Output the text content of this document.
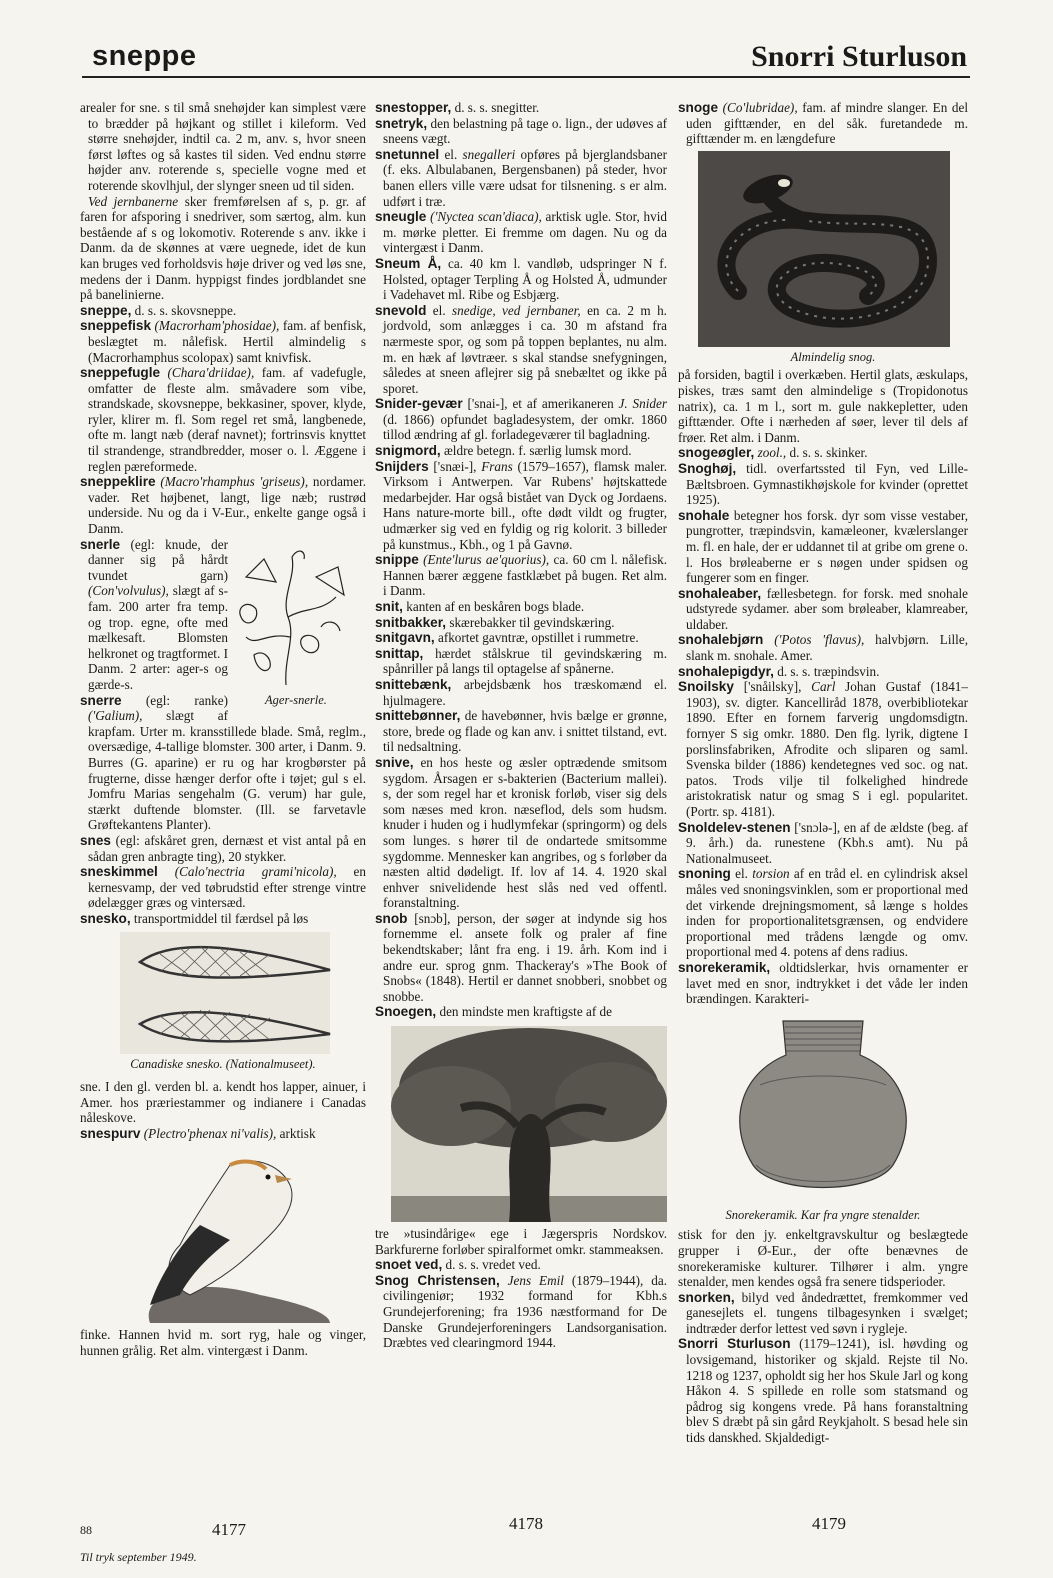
sneppe	Snorri Sturluson
arealer for sne. s til små snehøjder kan simplest være to brædder på højkant og stillet i kileform. Ved større snehøjder, indtil ca. 2 m, anv. s, hvor sneen først løftes og så kastes til siden. Ved endnu større højder anv. roterende s, specielle vogne med et roterende skovlhjul, der slynger sneen ud til siden.
Ved jernbanerne sker fremførelsen af s, p. gr. af faren for afsporing i snedriver, som særtog, alm. kun bestående af s og lokomotiv. Roterende s anv. ikke i Danm. da de skønnes at være uegnede, idet de kun kan bruges ved forholdsvis høje driver og ved løs sne, medens der i Danm. hyppigst findes jordblandet sne på banelinierne.
sneppe, d. s. s. skovsneppe.
sneppefisk (Macrorham'phosidae), fam. af benfisk, beslægtet m. nålefisk. Hertil almindelig s (Macrorhamphus scolopax) samt knivfisk.
sneppefugle (Chara'driidae), fam. af vadefugle, omfatter de fleste alm. småvadere som vibe, strandskade, skovsneppe, bekkasiner, spover, klyde, ryler, klirer m. fl. Som regel ret små, langbenede, ofte m. langt næb (deraf navnet); fortrinsvis knyttet til strandenge, strandbredder, moser o. l. Æggene i reglen pæreformede.
sneppeklire (Macro'rhamphus 'griseus), nordamer. vader. Ret højbenet, langt, lige næb; rustrød underside. Nu og da i V-Eur., enkelte gange også i Danm.
Ager-snerle.
snerle (egl: knude, der danner sig på hårdt tvundet garn) (Con'volvulus), slægt af s-fam. 200 arter fra temp. og trop. egne, ofte med mælkesaft. Blomsten helkronet og tragtformet. I Danm. 2 arter: ager-s og gærde-s.
snerre (egl: ranke) ('Galium), slægt af krapfam. Urter m. kransstillede blade. Små, reglm., oversædige, 4-tallige blomster. 300 arter, i Danm. 9. Burres (G. aparine) er ru og har krogbørster på frugterne, disse hænger derfor ofte i tøjet; gul s el. Jomfru Marias sengehalm (G. verum) har gule, stærkt duftende blomster. (Ill. se farvetavle Grøftekantens Planter).
snes (egl: afskåret gren, dernæst et vist antal på en sådan gren anbragte ting), 20 stykker.
sneskimmel (Calo'nectria grami'nicola), en kernesvamp, der ved tøbrudstid efter strenge vintre ødelægger græs og vintersæd.
snesko, transportmiddel til færdsel på løs
Canadiske snesko. (Nationalmuseet).
sne. I den gl. verden bl. a. kendt hos lapper, ainuer, i Amer. hos præriestammer og indianere i Canadas nåleskove.
snespurv (Plectro'phenax ni'valis), arktisk
finke. Hannen hvid m. sort ryg, hale og vinger, hunnen grålig. Ret alm. vintergæst i Danm.
snestopper, d. s. s. snegitter.
snetryk, den belastning på tage o. lign., der udøves af sneens vægt.
snetunnel el. snegalleri opføres på bjerglandsbaner (f. eks. Albulabanen, Bergensbanen) på steder, hvor banen ellers ville være udsat for tilsnening. s er alm. udført i træ.
sneugle ('Nyctea scan'diaca), arktisk ugle. Stor, hvid m. mørke pletter. Ei fremme om dagen. Nu og da vintergæst i Danm.
Sneum Å, ca. 40 km l. vandløb, udspringer N f. Holsted, optager Terpling Å og Holsted Å, udmunder i Vadehavet ml. Ribe og Esbjærg.
snevold el. snedige, ved jernbaner, en ca. 2 m h. jordvold, som anlægges i ca. 30 m afstand fra nærmeste spor, og som på toppen beplantes, nu alm. m. en hæk af løvtræer. s skal standse snefygningen, således at sneen aflejrer sig på snebæltet og ikke på sporet.
Snider-gevær ['snai-], et af amerikaneren J. Snider (d. 1866) opfundet bagladesystem, der omkr. 1860 tillod ændring af gl. forladegeværer til bagladning.
snigmord, ældre betegn. f. særlig lumsk mord.
Snijders ['snæi-], Frans (1579–1657), flamsk maler. Virksom i Antwerpen. Var Rubens' højtskattede medarbejder. Har også bistået van Dyck og Jordaens. Hans nature-morte bill., ofte dødt vildt og frugter, udmærker sig ved en fyldig og rig kolorit. 3 billeder på kunstmus., Kbh., og 1 på Gavnø.
snippe (Ente'lurus ae'quorius), ca. 60 cm l. nålefisk. Hannen bærer æggene fastklæbet på bugen. Ret alm. i Danm.
snit, kanten af en beskåren bogs blade.
snitbakker, skærebakker til gevindskæring.
snitgavn, afkortet gavntræ, opstillet i rummetre.
snittap, hærdet stålskrue til gevindskæring m. spånriller på langs til optagelse af spånerne.
snittebænk, arbejdsbænk hos træskomænd el. hjulmagere.
snittebønner, de havebønner, hvis bælge er grønne, store, brede og flade og kan anv. i snittet tilstand, evt. til nedsaltning.
snive, en hos heste og æsler optrædende smitsom sygdom. Årsagen er s-bakterien (Bacterium mallei). s, der som regel har et kronisk forløb, viser sig dels som næses med kron. næseflod, dels som hudsm. knuder i huden og i hudlymfekar (springorm) og dels som lunges. s hører til de ondartede smitsomme sygdomme. Mennesker kan angribes, og s forløber da næsten altid dødeligt. If. lov af 14. 4. 1920 skal enhver snivelidende hest slås ned ved offentl. foranstaltning.
snob [snɔb], person, der søger at indynde sig hos fornemme el. ansete folk og praler af fine bekendtskaber; lånt fra eng. i 19. årh. Kom ind i andre eur. sprog gnm. Thackeray's »The Book of Snobs« (1848). Hertil er dannet snobberi, snobbet og snobbe.
Snoegen, den mindste men kraftigste af de
tre »tusindårige« ege i Jægerspris Nordskov. Barkfurerne forløber spiralformet omkr. stammeaksen.
snoet ved, d. s. s. vredet ved.
Snog Christensen, Jens Emil (1879–1944), da. civilingeniør; 1932 formand for Kbh.s Grundejerforening; fra 1936 næstformand for De Danske Grundejerforeningers Landsorganisation. Dræbtes ved clearingmord 1944.
snoge (Co'lubridae), fam. af mindre slanger. En del uden gifttænder, en del såk. furetandede m. gifttænder m. en længdefure
Almindelig snog.
på forsiden, bagtil i overkæben. Hertil glats, æskulaps, piskes, træs samt den almindelige s (Tropidonotus natrix), ca. 1 m l., sort m. gule nakkepletter, uden gifttænder. Ofte i nærheden af søer, lever til dels af frøer. Ret alm. i Danm.
snogeøgler, zool., d. s. s. skinker.
Snoghøj, tidl. overfartssted til Fyn, ved Lille-Bæltsbroen. Gymnastikhøjskole for kvinder (oprettet 1925).
snohale betegner hos forsk. dyr som visse vestaber, pungrotter, træpindsvin, kamæleoner, kvælerslanger m. fl. en hale, der er uddannet til at gribe om grene o. l. Hos brøleaberne er s nøgen under spidsen og fungerer som en finger.
snohaleaber, fællesbetegn. for forsk. med snohale udstyrede sydamer. aber som brøleaber, klamreaber, uldaber.
snohalebjørn ('Potos 'flavus), halvbjørn. Lille, slank m. snohale. Amer.
snohalepigdyr, d. s. s. træpindsvin.
Snoilsky ['snåilsky], Carl Johan Gustaf (1841–1903), sv. digter. Kancelliråd 1878, overbibliotekar 1890. Efter en fornem farverig ungdomsdigtn. fornyer S sig omkr. 1880. Den flg. lyrik, digtene I porslinsfabriken, Afrodite och sliparen og saml. Svenska bilder (1886) kendetegnes ved soc. og nat. patos. Trods vilje til folkelighed hindrede aristokratisk natur og smag S i egl. popularitet. (Portr. sp. 4181).
Snoldelev-stenen ['snɔlə-], en af de ældste (beg. af 9. årh.) da. runestene (Kbh.s amt). Nu på Nationalmuseet.
snoning el. torsion af en tråd el. en cylindrisk aksel måles ved snoningsvinklen, som er proportional med det virkende drejningsmoment, så længe s holdes inden for proportionalitetsgrænsen, og endvidere proportional med trådens længde og omv. proportional med 4. potens af dens radius.
snorekeramik, oldtidslerkar, hvis ornamenter er lavet med en snor, indtrykket i det våde ler inden brændingen. Karakteri-
Snorekeramik. Kar fra yngre stenalder.
stisk for den jy. enkeltgravskultur og beslægtede grupper i Ø-Eur., der ofte benævnes de snorekeramiske kulturer. Tilhører i alm. yngre stenalder, men kendes også fra senere tidsperioder.
snorken, bilyd ved åndedrættet, fremkommer ved ganesejlets el. tungens tilbagesynken i svælget; indtræder derfor lettest ved søvn i ryglejе.
Snorri Sturluson (1179–1241), isl. høvding og lovsigemand, historiker og skjald. Rejste til No. 1218 og 1237, opholdt sig her hos Skule Jarl og kong Håkon 4. S spillede en rolle som statsmand og pådrog sig kongens vrede. På hans foranstaltning blev S dræbt på sin gård Reykjaholt. S besad hele sin tids danskhed. Skjaldedigt-
88	4177	4178	4179
Til tryk september 1949.
